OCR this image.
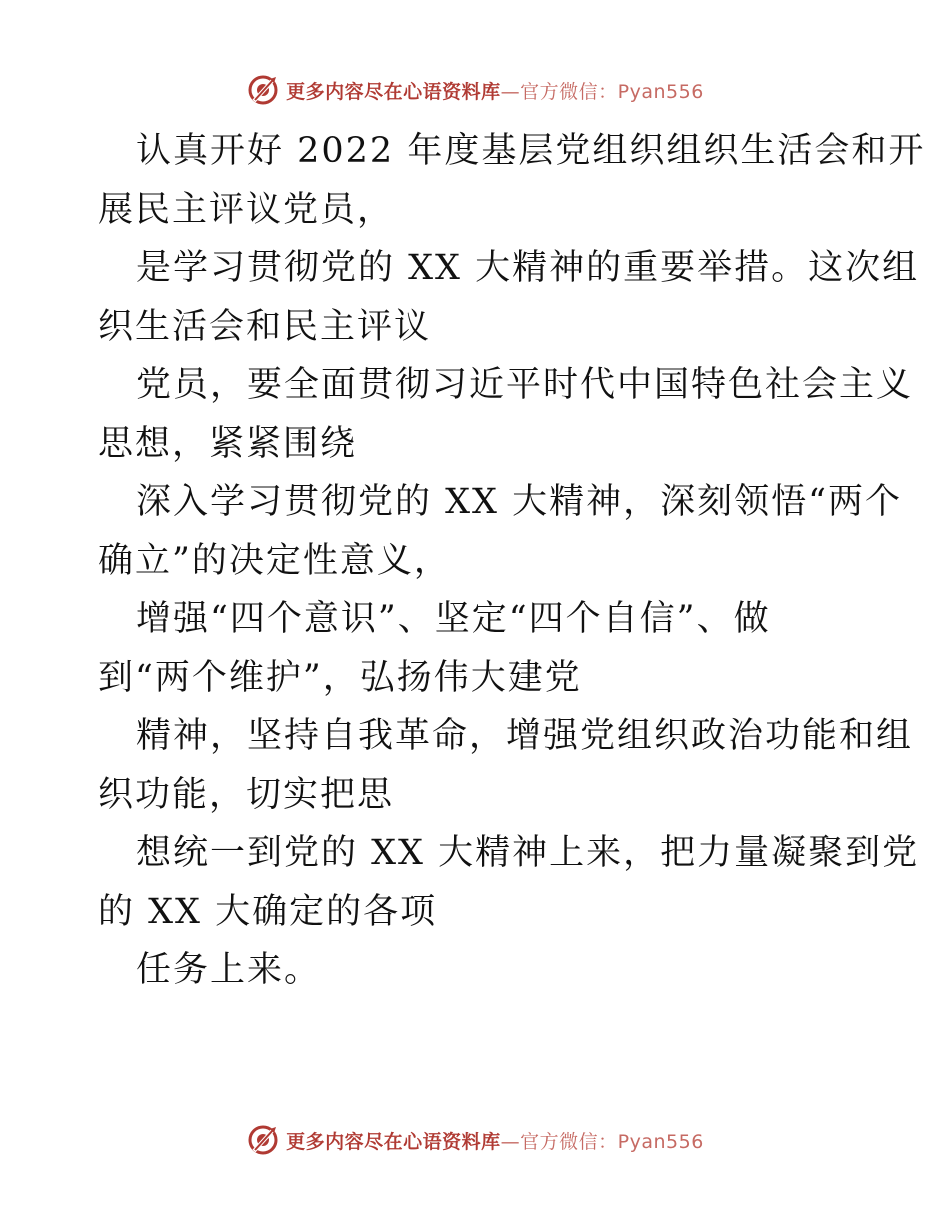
更多内容尽在心语资料库—官方微信：Pyan556
认真开好 2022 年度基层党组织组织生活会和开
展民主评议党员，
是学习贯彻党的 XX 大精神的重要举措。这次组
织生活会和民主评议
党员，要全面贯彻习近平时代中国特色社会主义
思想，紧紧围绕
深入学习贯彻党的 XX 大精神，深刻领悟“两个
确立”的决定性意义，
增强“四个意识”、坚定“四个自信”、做
到“两个维护”，弘扬伟大建党
精神，坚持自我革命，增强党组织政治功能和组
织功能，切实把思
想统一到党的 XX 大精神上来，把力量凝聚到党
的 XX 大确定的各项
任务上来。
更多内容尽在心语资料库—官方微信：Pyan556
